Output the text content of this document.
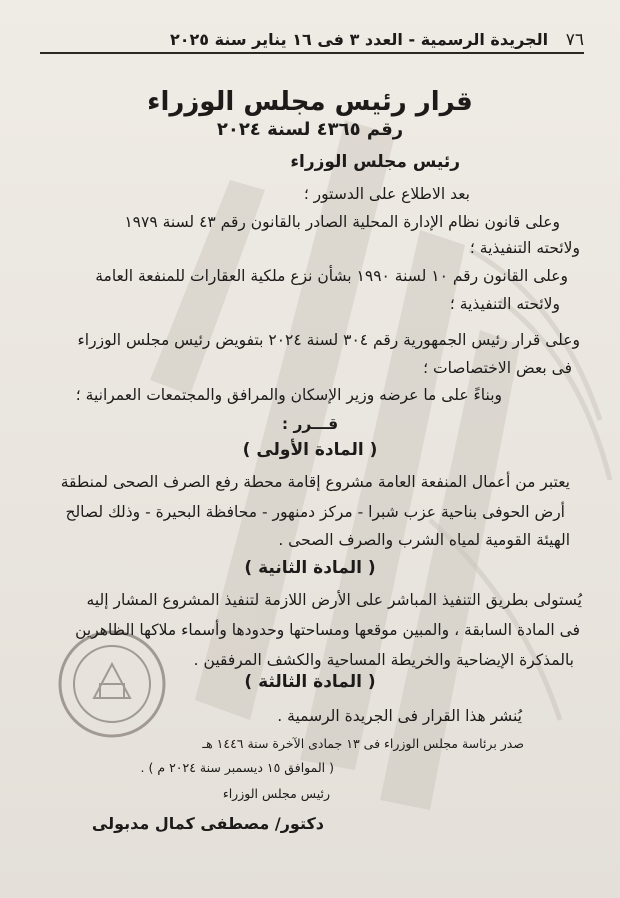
٧٦
الجريدة الرسمية - العدد ٣ فى ١٦ يناير سنة ٢٠٢٥
قرار رئيس مجلس الوزراء
رقم ٤٣٦٥ لسنة ٢٠٢٤
رئيس مجلس الوزراء
بعد الاطلاع على الدستور ؛
وعلى قانون نظام الإدارة المحلية الصادر بالقانون رقم ٤٣ لسنة ١٩٧٩
ولائحته التنفيذية ؛
وعلى القانون رقم ١٠ لسنة ١٩٩٠ بشأن نزع ملكية العقارات للمنفعة العامة
ولائحته التنفيذية ؛
وعلى قرار رئيس الجمهورية رقم ٣٠٤ لسنة ٢٠٢٤ بتفويض رئيس مجلس الوزراء
فى بعض الاختصاصات ؛
وبناءً على ما عرضه وزير الإسكان والمرافق والمجتمعات العمرانية ؛
قـــرر :
( المادة الأولى )
يعتبر من أعمال المنفعة العامة مشروع إقامة محطة رفع الصرف الصحى لمنطقة
أرض الحوفى بناحية عزب شبرا - مركز دمنهور - محافظة البحيرة - وذلك لصالح
الهيئة القومية لمياه الشرب والصرف الصحى .
( المادة الثانية )
يُستولى بطريق التنفيذ المباشر على الأرض اللازمة لتنفيذ المشروع المشار إليه
فى المادة السابقة ، والمبين موقعها ومساحتها وحدودها وأسماء ملاكها الظاهرين
بالمذكرة الإيضاحية والخريطة المساحية والكشف المرفقين .
( المادة الثالثة )
يُنشر هذا القرار فى الجريدة الرسمية .
صدر برئاسة مجلس الوزراء فى ١٣ جمادى الآخرة سنة ١٤٤٦ هـ
( الموافق ١٥ ديسمبر سنة ٢٠٢٤ م ) .
رئيس مجلس الوزراء
دكتور/ مصطفى كمال مدبولى
